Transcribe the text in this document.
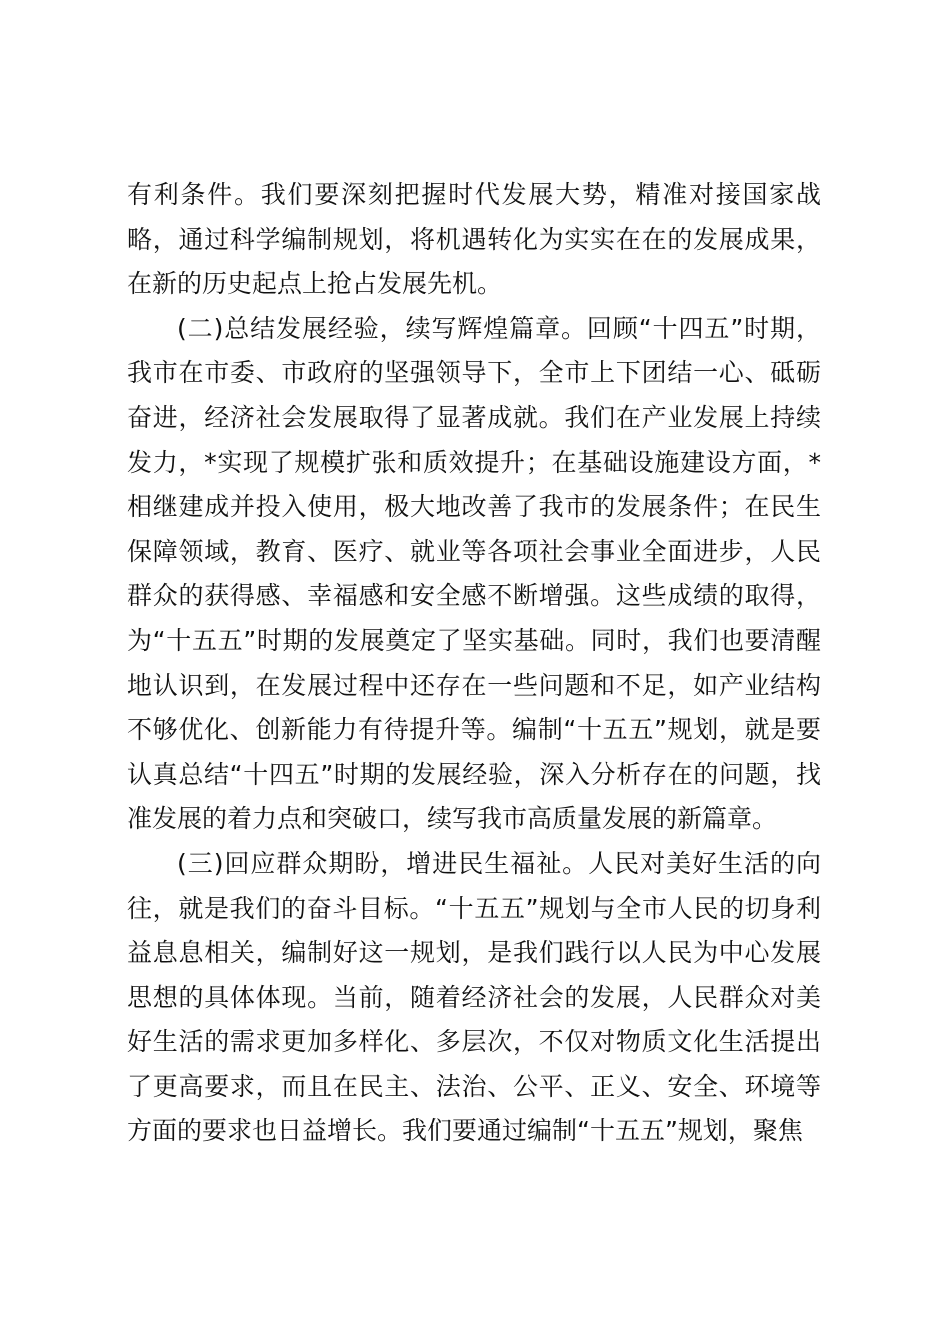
有利条件。我们要深刻把握时代发展大势，精准对接国家战略，通过科学编制规划，将机遇转化为实实在在的发展成果，在新的历史起点上抢占发展先机。

(二)总结发展经验，续写辉煌篇章。回顾“十四五”时期，我市在市委、市政府的坚强领导下，全市上下团结一心、砥砺奋进，经济社会发展取得了显著成就。我们在产业发展上持续发力，*实现了规模扩张和质效提升；在基础设施建设方面，*相继建成并投入使用，极大地改善了我市的发展条件；在民生保障领域，教育、医疗、就业等各项社会事业全面进步，人民群众的获得感、幸福感和安全感不断增强。这些成绩的取得，为“十五五”时期的发展奠定了坚实基础。同时，我们也要清醒地认识到，在发展过程中还存在一些问题和不足，如产业结构不够优化、创新能力有待提升等。编制“十五五”规划，就是要认真总结“十四五”时期的发展经验，深入分析存在的问题，找准发展的着力点和突破口，续写我市高质量发展的新篇章。

(三)回应群众期盼，增进民生福祉。人民对美好生活的向往，就是我们的奋斗目标。“十五五”规划与全市人民的切身利益息息相关，编制好这一规划，是我们践行以人民为中心发展思想的具体体现。当前，随着经济社会的发展，人民群众对美好生活的需求更加多样化、多层次，不仅对物质文化生活提出了更高要求，而且在民主、法治、公平、正义、安全、环境等方面的要求也日益增长。我们要通过编制“十五五”规划，聚焦
